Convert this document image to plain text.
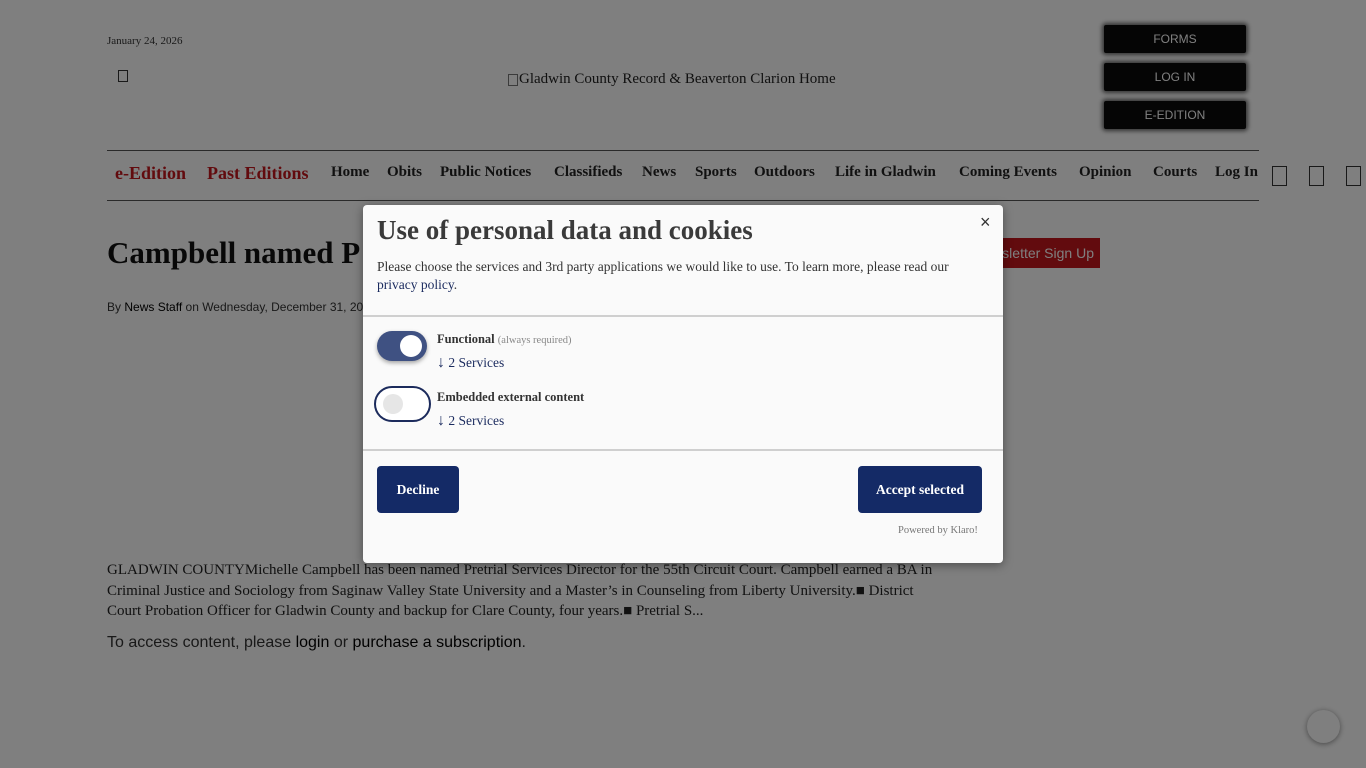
Use of personal data and cookies	×
Please choose the services and 3rd party applications we would like to use. To learn more, please read our privacy policy.
Functional (always required)
↓ 2 Services
Embedded external content
↓ 2 Services
Decline	Accept selected
Powered by Klaro!
